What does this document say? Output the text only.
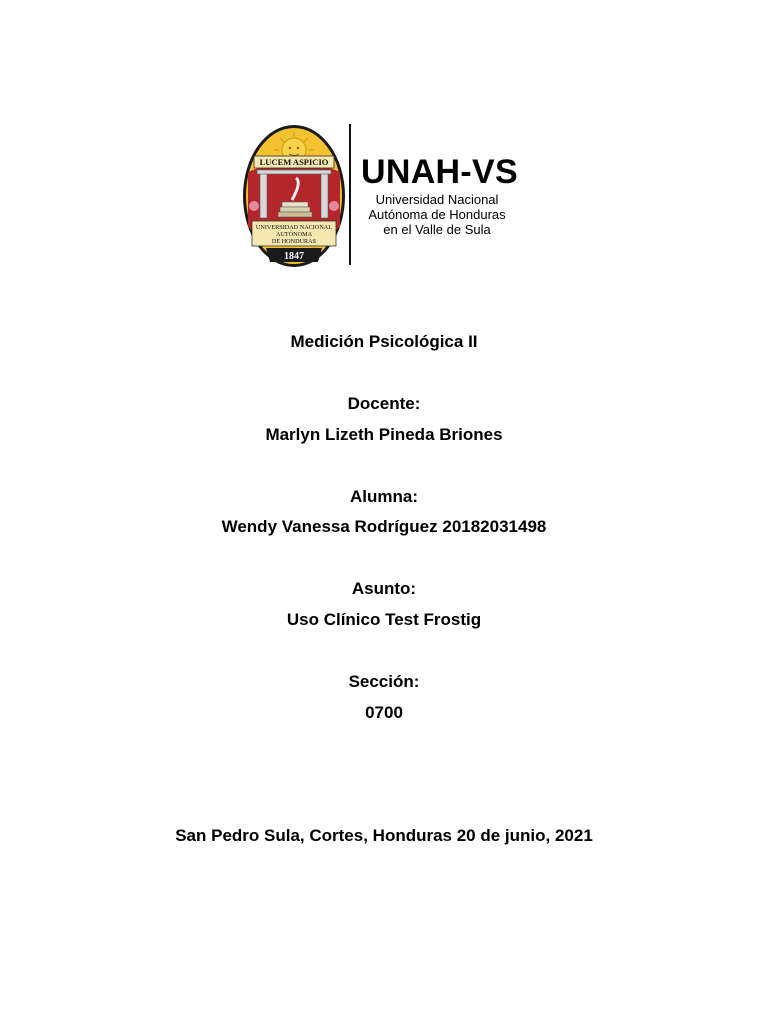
LUCEM ASPICIO
UNIVERSIDAD NACIONAL
AUTÓNOMA
DE HONDURAS
1847
UNAH-VS
Universidad Nacional
Autónoma de Honduras
en el Valle de Sula
Medición Psicológica II
Docente:
Marlyn Lizeth Pineda Briones
Alumna:
Wendy Vanessa Rodríguez 20182031498
Asunto:
Uso Clínico Test Frostig
Sección:
0700
San Pedro Sula, Cortes, Honduras 20 de junio, 2021
